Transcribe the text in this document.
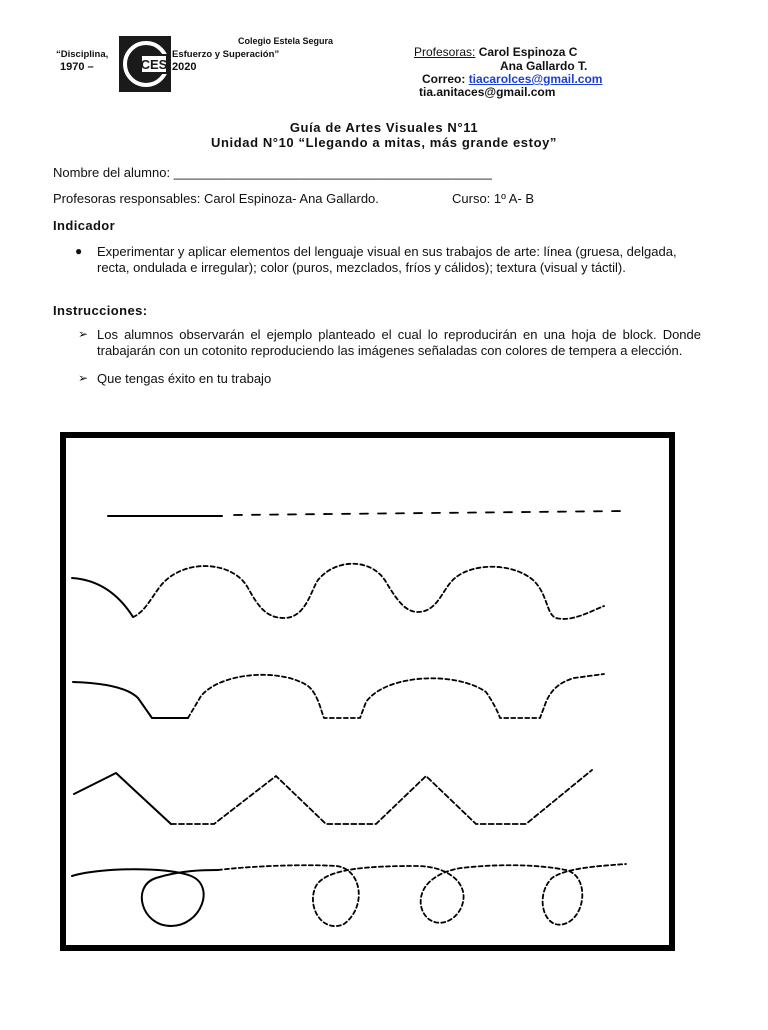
Colegio Estela Segura
“Disciplina,	Esfuerzo y Superación”
1970 –	2020
CES
Profesoras: Carol Espinoza C
Ana Gallardo T.
Correo: tiacarolces@gmail.com
tia.anitaces@gmail.com
Guía de Artes Visuales N°11
Unidad N°10 “Llegando a mitas, más grande estoy”
Nombre del alumno: ____________________________________________
Profesoras responsables: Carol Espinoza- Ana Gallardo.	Curso: 1º A- B
Indicador
● Experimentar y aplicar elementos del lenguaje visual en sus trabajos de arte: línea (gruesa, delgada, recta, ondulada e irregular); color (puros, mezclados, fríos y cálidos); textura (visual y táctil).
Instrucciones:
➢ Los alumnos observarán el ejemplo planteado el cual lo reproducirán en una hoja de block. Donde trabajarán con un cotonito reproduciendo las imágenes señaladas con colores de tempera a elección.
➢ Que tengas éxito en tu trabajo
